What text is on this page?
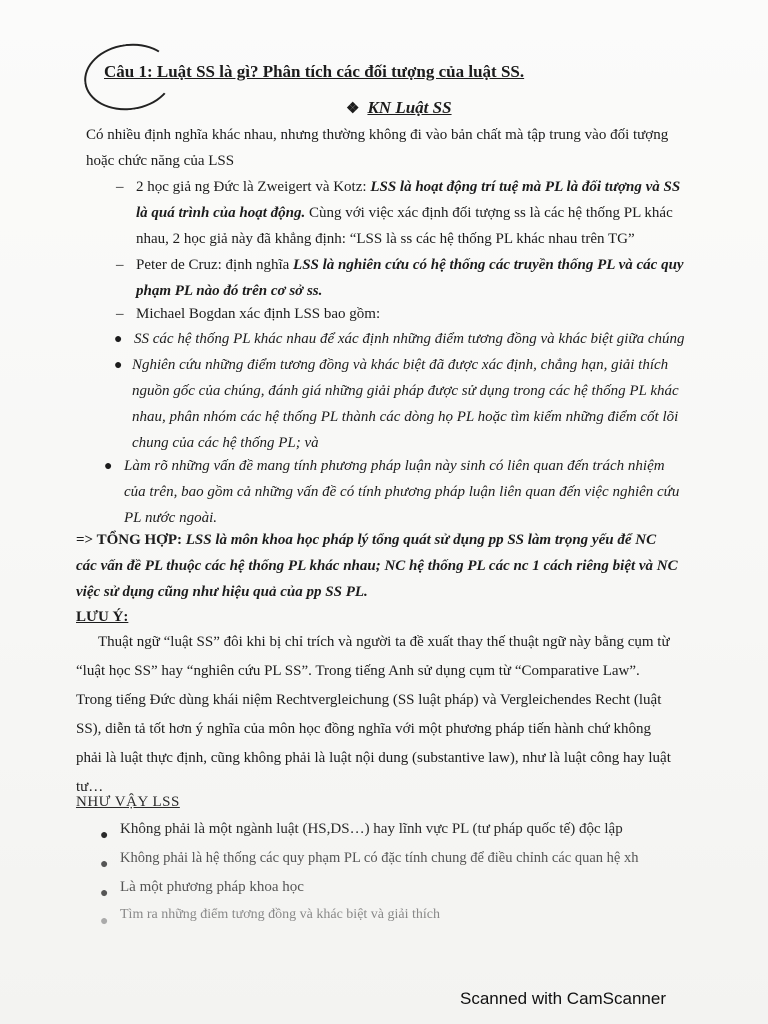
Câu 1: Luật SS là gì? Phân tích các đối tượng của luật SS.
❖ KN Luật SS
Có nhiều định nghĩa khác nhau, nhưng thường không đi vào bản chất mà tập trung vào đối tượng
hoặc chức năng của LSS
– 2 học giả ng Đức là Zweigert và Kotz: LSS là hoạt động trí tuệ mà PL là đối tượng và SS
là quá trình của hoạt động. Cùng với việc xác định đối tượng ss là các hệ thống PL khác
nhau, 2 học giả này đã khẳng định: “LSS là ss các hệ thống PL khác nhau trên TG”
– Peter de Cruz: định nghĩa LSS là nghiên cứu có hệ thống các truyền thống PL và các quy
phạm PL nào đó trên cơ sở ss.
– Michael Bogdan xác định LSS bao gồm:
● SS các hệ thống PL khác nhau để xác định những điểm tương đồng và khác biệt giữa chúng
● Nghiên cứu những điểm tương đồng và khác biệt đã được xác định, chẳng hạn, giải thích
nguồn gốc của chúng, đánh giá những giải pháp được sử dụng trong các hệ thống PL khác
nhau, phân nhóm các hệ thống PL thành các dòng họ PL hoặc tìm kiếm những điểm cốt lõi
chung của các hệ thống PL; và
● Làm rõ những vấn đề mang tính phương pháp luận này sinh có liên quan đến trách nhiệm
của trên, bao gồm cả những vấn đề có tính phương pháp luận liên quan đến việc nghiên cứu
PL nước ngoài.
=> TỔNG HỢP: LSS là môn khoa học pháp lý tổng quát sử dụng pp SS làm trọng yếu để NC
các vấn đề PL thuộc các hệ thống PL khác nhau; NC hệ thống PL các nc 1 cách riêng biệt và NC
việc sử dụng cũng như hiệu quả của pp SS PL.
LƯU Ý:
Thuật ngữ “luật SS” đôi khi bị chỉ trích và người ta đề xuất thay thế thuật ngữ này bằng cụm từ
“luật học SS” hay “nghiên cứu PL SS”. Trong tiếng Anh sử dụng cụm từ “Comparative Law”.
Trong tiếng Đức dùng khái niệm Rechtvergleichung (SS luật pháp) và Vergleichendes Recht (luật
SS), diễn tả tốt hơn ý nghĩa của môn học đồng nghĩa với một phương pháp tiến hành chứ không
phải là luật thực định, cũng không phải là luật nội dung (substantive law), như là luật công hay luật
tư…
NHƯ VẬY LSS
● Không phải là một ngành luật (HS,DS…) hay lĩnh vực PL (tư pháp quốc tế) độc lập
● Không phải là hệ thống các quy phạm PL có đặc tính chung để điều chỉnh các quan hệ xh
● Là một phương pháp khoa học
● Tìm ra những điểm tương đồng và khác biệt và giải thích
Scanned with CamScanner
